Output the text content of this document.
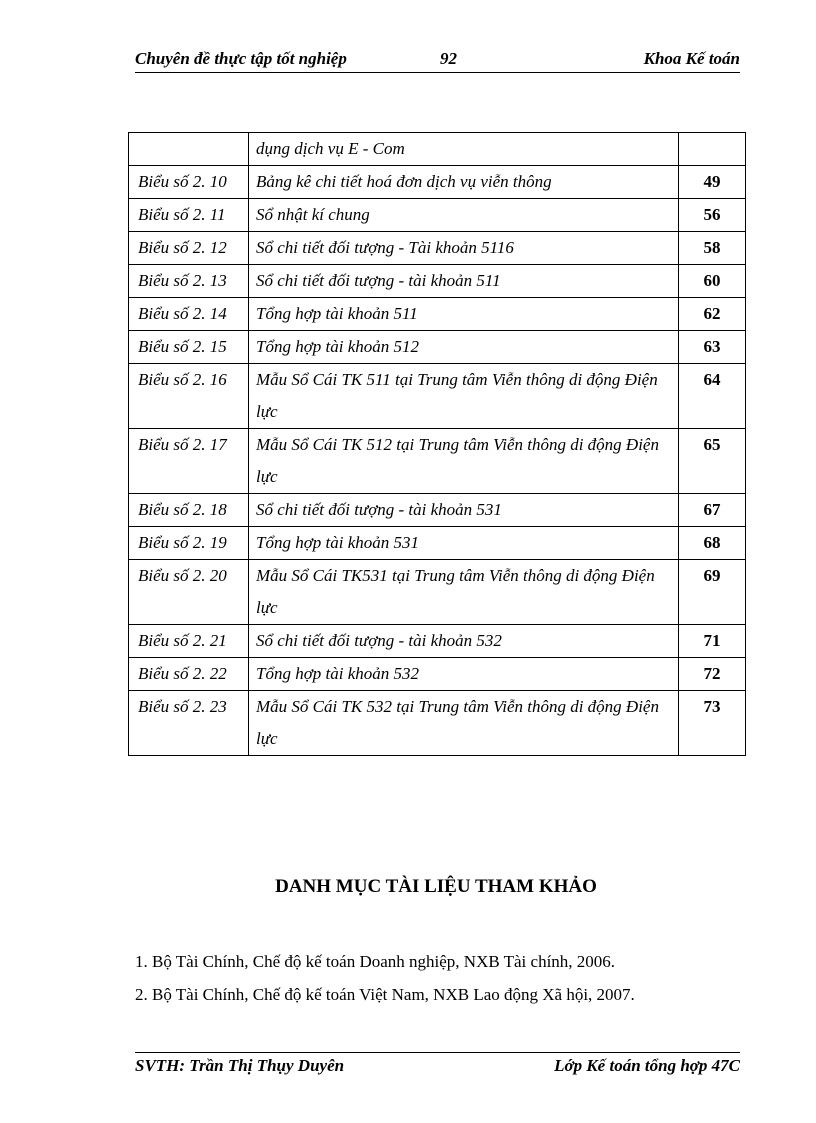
Chuyên đề thực tập tốt nghiệp	92	Khoa Kế toán
	dụng dịch vụ E - Com	
Biểu số 2. 10	Bảng kê chi tiết hoá đơn dịch vụ viễn thông	49
Biểu số 2. 11	Sổ nhật kí chung	56
Biểu số 2. 12	Sổ chi tiết đối tượng - Tài khoản 5116	58
Biểu số 2. 13	Sổ chi tiết đối tượng - tài khoản 511	60
Biểu số 2. 14	Tổng hợp tài khoản 511	62
Biểu số 2. 15	Tổng hợp tài khoản 512	63
Biểu số 2. 16	Mẫu Sổ Cái TK 511 tại Trung tâm Viễn thông di động Điện lực	64
Biểu số 2. 17	Mẫu Sổ Cái TK 512 tại Trung tâm Viễn thông di động Điện lực	65
Biểu số 2. 18	Sổ chi tiết đối tượng - tài khoản 531	67
Biểu số 2. 19	Tổng hợp tài khoản 531	68
Biểu số 2. 20	Mẫu Sổ Cái TK531 tại Trung tâm Viễn thông di động Điện lực	69
Biểu số 2. 21	Sổ chi tiết đối tượng - tài khoản 532	71
Biểu số 2. 22	Tổng hợp tài khoản 532	72
Biểu số 2. 23	Mẫu Sổ Cái TK 532 tại Trung tâm Viễn thông di động Điện lực	73
DANH MỤC TÀI LIỆU THAM KHẢO
1. Bộ Tài Chính, Chế độ kế toán Doanh nghiệp, NXB Tài chính, 2006.
2. Bộ Tài Chính, Chế độ kế toán Việt Nam, NXB Lao động Xã hội, 2007.
SVTH: Trần Thị Thụy Duyên	Lớp Kế toán tổng hợp 47C
